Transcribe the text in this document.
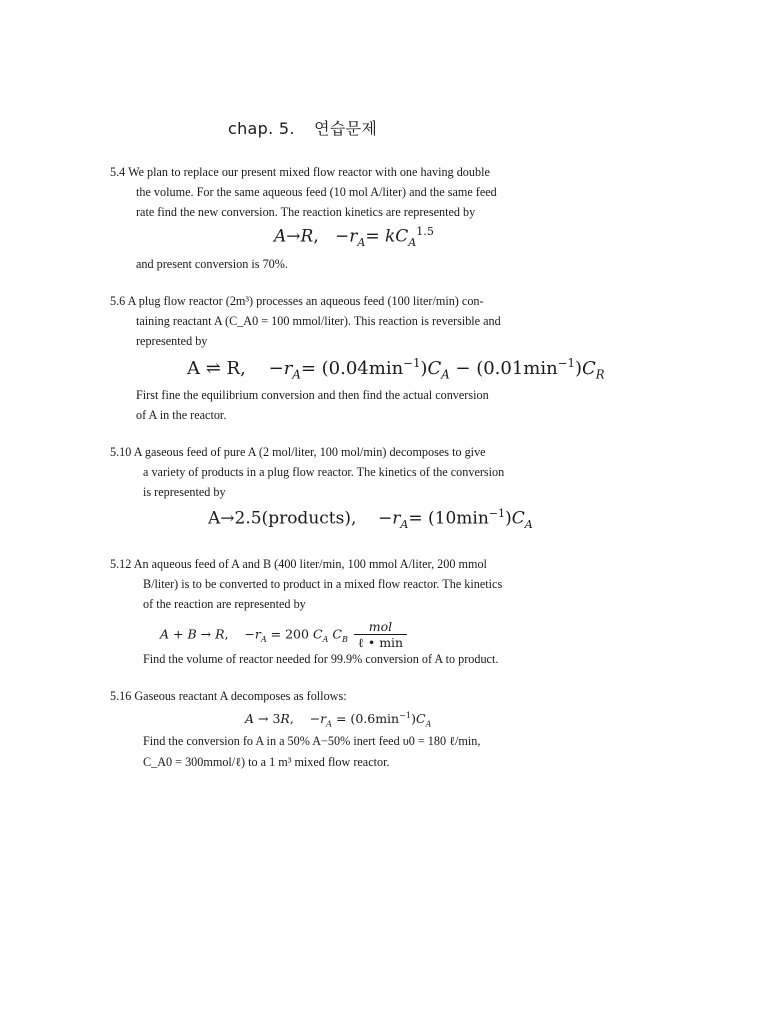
chap. 5. 연습문제
5.4 We plan to replace our present mixed flow reactor with one having double
the volume. For the same aqueous feed (10 mol A/liter) and the same feed
rate find the new conversion. The reaction kinetics are represented by
A→R,   $-r_A= kC_A^{1.5}$
and present conversion is 70%.
5.6 A plug flow reactor (2m³) processes an aqueous feed (100 liter/min) con-
taining reactant A (C_A0 = 100 mmol/liter). This reaction is reversible and
represented by
A ⇌ R,    $-r_A= (0.04\min^{-1})C_A - (0.01\min^{-1})C_R$
First fine the equilibrium conversion and then find the actual conversion
of A in the reactor.
5.10 A gaseous feed of pure A (2 mol/liter, 100 mol/min) decomposes to give
a variety of products in a plug flow reactor. The kinetics of the conversion
is represented by
A→2.5(products),    $-r_A= (10\min^{-1})C_A$
5.12 An aqueous feed of A and B (400 liter/min, 100 mmol A/liter, 200 mmol
B/liter) is to be converted to product in a mixed flow reactor. The kinetics
of the reaction are represented by
A + B → R,    $-r_A = 200$ $C_A$ $C_B \frac{\text{mol}}{\text{ℓ • min}}$
Find the volume of reactor needed for 99.9% conversion of A to product.
5.16 Gaseous reactant A decomposes as follows:
A → 3R,    $-r_A = (0.6\min^{-1})C_A$
Find the conversion fo A in a 50% A−50% inert feed υ0 = 180 ℓ/min,
C_A0 = 300mmol/ℓ) to a 1 m³ mixed flow reactor.
